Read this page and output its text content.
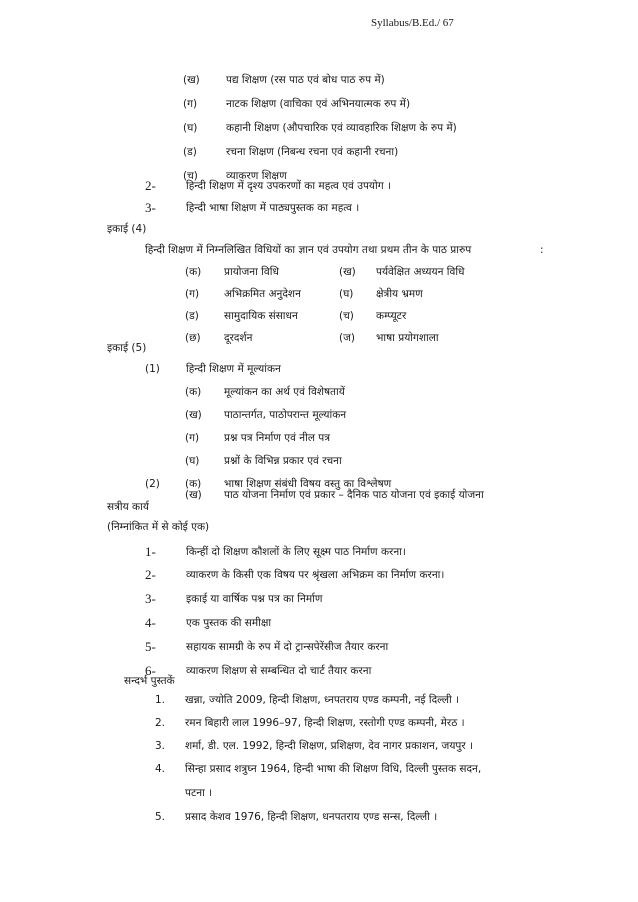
Syllabus/B.Ed./ 67
(ख) पद्य शिक्षण (रस पाठ एवं बोध पाठ रुप में)
(ग)	नाटक शिक्षण (वाचिका एवं अभिनयात्मक रुप में)
(घ)	कहानी शिक्षण (औपचारिक एवं व्यावहारिक शिक्षण के रुप में)
(ड)	रचना शिक्षण (निबन्ध रचना एवं कहानी रचना)
(च)	व्याकरण शिक्षण
2-	हिन्दी शिक्षण में दृश्य उपकरणों का महत्व एवं उपयोग ।
3-	हिन्दी भाषा शिक्षण में पाठ्यपुस्तक का महत्व ।
इकाई (4)
हिन्दी शिक्षण में निम्नलिखित विधियों का ज्ञान एवं उपयोग तथा प्रथम तीन के पाठ प्रारुप	:
(क) प्रायोजना विधि	(ख) पर्यवेक्षित अध्ययन विधि
(ग) अभिक्रमित अनुदेशन	(घ) क्षेत्रीय भ्रमण
(ड) सामुदायिक संसाधन	(च) कम्प्यूटर
(छ) दूरदर्शन	(ज) भाषा प्रयोगशाला
इकाई (5)
(1) हिन्दी शिक्षण में मूल्यांकन
(क) मूल्यांकन का अर्थ एवं विशेषतायें
(ख) पाठान्तर्गत, पाठोपरान्त मूल्यांकन
(ग) प्रश्न पत्र निर्माण एवं नील पत्र
(घ) प्रश्नों के विभिन्न प्रकार एवं रचना
(2) (क) भाषा शिक्षण संबंधी विषय वस्तु का विश्लेषण
(ख) पाठ योजना निर्माण एवं प्रकार – दैनिक पाठ योजना एवं इकाई योजना
सत्रीय कार्य
(निम्नांकित में से कोई एक)
1-	किन्हीं दो शिक्षण कौशलों के लिए सूक्ष्म पाठ निर्माण करना।
2-	व्याकरण के किसी एक विषय पर श्रृंखला अभिक्रम का निर्माण करना।
3-	इकाई या वार्षिक पश्न पत्र का निर्माण
4-	एक पुस्तक की समीक्षा
5-	सहायक सामग्री के रुप में दो ट्रान्सपेरेंसीज तैयार करना
6-	व्याकरण शिक्षण से सम्बन्धित दो चार्ट तैयार करना
सन्दर्भ पुस्तकें
1. खन्ना, ज्योति 2009, हिन्दी शिक्षण, ध्नपतराय एण्ड कम्पनी, नई दिल्ली ।
2. रमन बिहारी लाल 1996–97, हिन्दी शिक्षण, रस्तोगी एण्ड कम्पनी, मेरठ ।
3. शर्मा, डी. एल. 1992, हिन्दी शिक्षण, प्रशिक्षण, देव नागर प्रकाशन, जयपुर ।
4. सिन्हा प्रसाद शत्रुघ्न 1964, हिन्दी भाषा की शिक्षण विधि, दिल्ली पुस्तक सदन,
पटना ।
5. प्रसाद केशव 1976, हिन्दी शिक्षण, धनपतराय एण्ड सन्स, दिल्ली ।
